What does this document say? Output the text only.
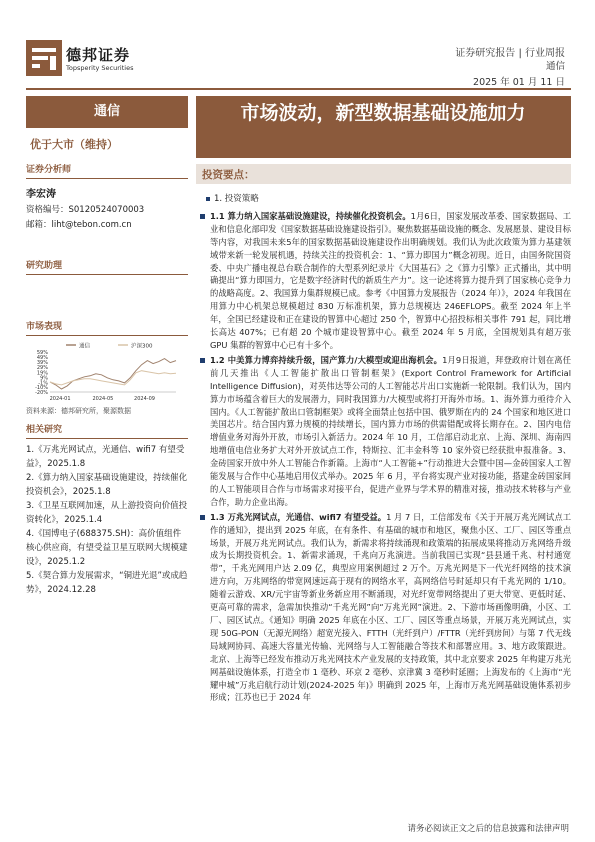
德邦证券
Topsperity Securities
证券研究报告 | 行业周报
通信
2025 年 01 月 11 日
通信
优于大市（维持）
证券分析师
李宏涛
资格编号：S0120524070003
邮箱：liht@tebon.com.cn
研究助理
市场表现
通信	沪深300
59%
49%
39%
29%
19%
9%
-1%
-10%
-20%
2024-01	2024-05	2024-09
资料来源：德邦研究所，聚源数据
相关研究
1.《万兆光网试点，光通信、wifi7 有望受益》，2025.1.8
2.《算力纳入国家基础设施建设，持续催化投资机会》，2025.1.8
3.《卫星互联网加速，从上游投资向价值投资转化》，2025.1.4
4.《国博电子(688375.SH)：高价值组件核心供应商，有望受益卫星互联网大规模建设》，2025.1.2
5.《契合算力发展需求，“铜进光退”或成趋势》，2024.12.28
市场波动，新型数据基础设施加力
投资要点：
1. 投资策略
1.1 算力纳入国家基础设施建设，持续催化投资机会。1月6日，国家发展改革委、国家数据局、工业和信息化部印发《国家数据基础设施建设指引》。聚焦数据基础设施的概念、发展愿景、建设目标等内容，对我国未来5年的国家数据基础设施建设作出明确规划。我们认为此次政策为算力基建领域带来新一轮发展机遇，持续关注的投资机会：1、“算力即国力”概念初现。近日，由国务院国资委、中央广播电视总台联合制作的大型系列纪录片《大国基石》之《算力引擎》正式播出，其中明确提出“算力即国力，它是数字经济时代的新质生产力”。这一论述将算力提升到了国家核心竞争力的战略高度。2、我国算力集群规模已成。参考《中国算力发展报告（2024 年）》，2024 年我国在用算力中心机架总规模超过 830 万标准机架，算力总规模达 246EFLOPS。截至 2024 年上半年，全国已经建设和正在建设的智算中心超过 250 个，智算中心招投标相关事件 791 起，同比增长高达 407%；已有超 20 个城市建设智算中心。截至 2024 年 5 月底，全国规划具有超万张 GPU 集群的智算中心已有十多个。
1.2 中美算力博弈持续升级，国产算力/大模型或迎出海机会。1月9日报道，拜登政府计划在离任前几天推出《人工智能扩散出口管制框架》(Export Control Framework for Artificial Intelligence Diffusion)，对英伟达等公司的人工智能芯片出口实施新一轮限制。我们认为，国内算力市场蕴含着巨大的发展潜力，同时我国算力/大模型或将打开海外市场。1、海外算力亟待介入国内。《人工智能扩散出口管制框架》或将全面禁止包括中国、俄罗斯在内的 24 个国家和地区进口美国芯片。结合国内算力规模的持续增长，国内算力市场的供需错配或将长期存在。2、国内电信增值业务对海外开放，市场引入新活力。2024 年 10 月，工信部启动北京、上海、深圳、海南四地增值电信业务扩大对外开放试点工作，特斯拉、汇丰金科等 10 家外资已经获批申报准备。3、金砖国家开放中外人工智能合作新篇。上海市“人工智能+”行动推进大会暨中国—金砖国家人工智能发展与合作中心基地启用仪式举办。2025 年 6 月，平台将实现产业对接功能，搭建金砖国家间的人工智能项目合作与市场需求对接平台，促进产业界与学术界的精准对接，推动技术转移与产业合作，助力企业出海。
1.3 万兆光网试点，光通信、wifi7 有望受益。1 月 7 日，工信部发布《关于开展万兆光网试点工作的通知》，提出到 2025 年底，在有条件、有基础的城市和地区，聚焦小区、工厂、园区等重点场景，开展万兆光网试点。我们认为，新需求将持续涌现和政策端的拓展成果将推动万兆网络升级成为长期投资机会。1、新需求涌现，千兆向万兆演进。当前我国已实现“县县通千兆、村村通宽带”，千兆光网用户达 2.09 亿，典型应用案例超过 2 万个。万兆光网是下一代光纤网络的技术演进方向，万兆网络的带宽网速远高于现有的网络水平，高网络信号时延却只有千兆光网的 1/10。随着云游戏、XR/元宇宙等新业务新应用不断涌现，对光纤宽带网络提出了更大带宽、更低时延、更高可靠的需求，急需加快推动“千兆光网”向“万兆光网”演进。2、下游市场画像明确，小区、工厂、园区试点。《通知》明确 2025 年底在小区、工厂、园区等重点场景，开展万兆光网试点，实现 50G-PON（无源光网络）超宽光接入、FTTH（光纤到户）/FTTR（光纤到房间）与第 7 代无线局域网协同、高速大容量光传输、光网络与人工智能融合等技术和部署应用。3、地方政策跟进。北京、上海等已经发布推动万兆光网技术产业发展的支持政策，其中北京要求 2025 年构建万兆光网基础设施体系，打造全市 1 毫秒、环京 2 毫秒、京津冀 3 毫秒时延圈；上海发布的《上海市“光耀申城”万兆启航行动计划(2024-2025 年)》明确到 2025 年，上海市万兆光网基础设施体系初步形成；江苏也已于 2024 年
请务必阅读正文之后的信息披露和法律声明
